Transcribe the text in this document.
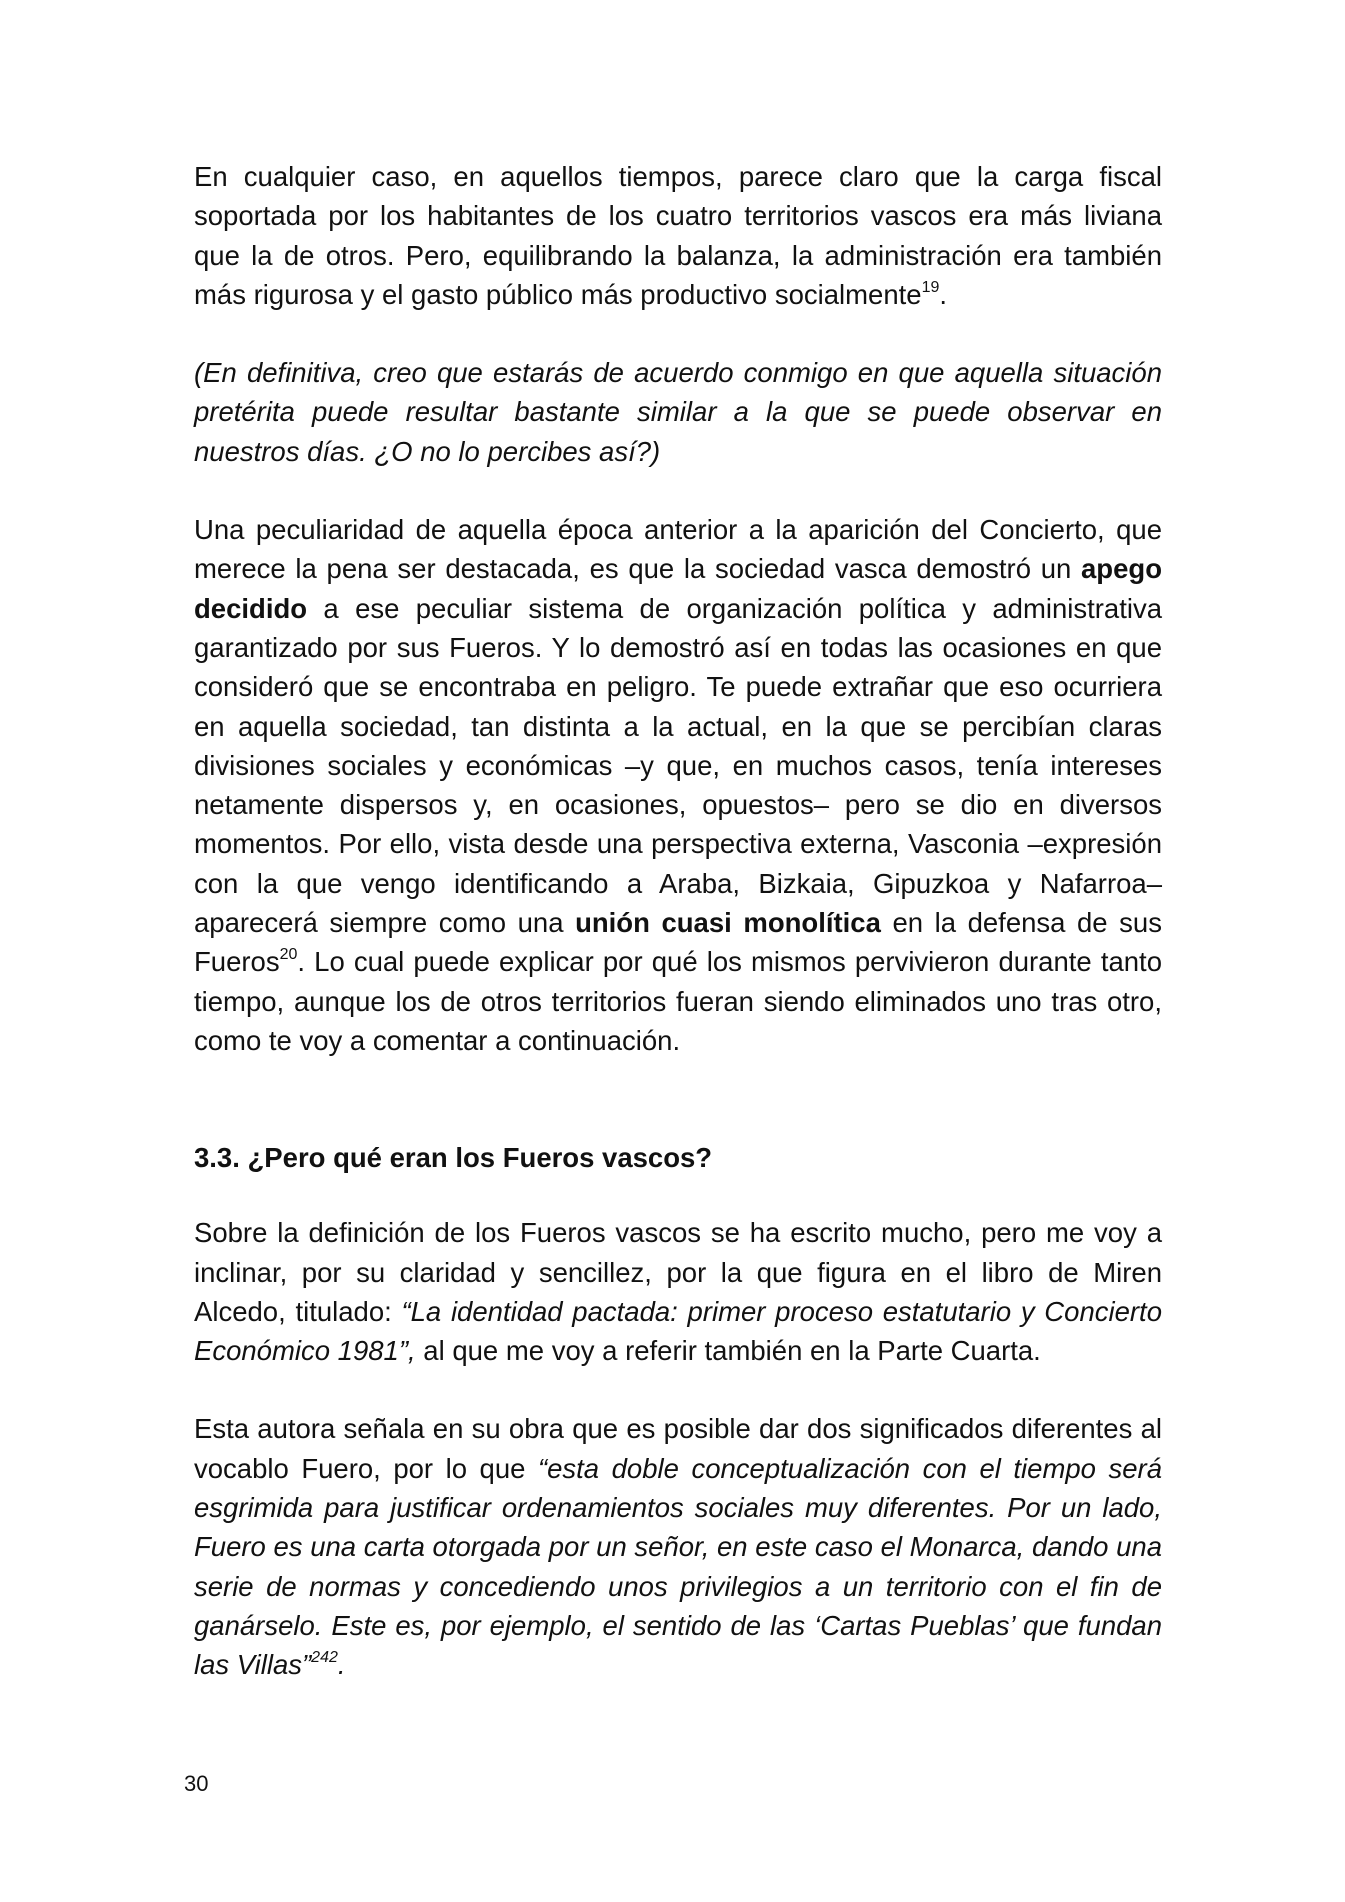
En cualquier caso, en aquellos tiempos, parece claro que la carga fiscal soportada por los habitantes de los cuatro territorios vascos era más liviana que la de otros. Pero, equilibrando la balanza, la administración era también más rigurosa y el gasto público más productivo socialmente$^{19}$.

(En definitiva, creo que estarás de acuerdo conmigo en que aquella situación pretérita puede resultar bastante similar a la que se puede observar en nuestros días. ¿O no lo percibes así?)

Una peculiaridad de aquella época anterior a la aparición del Concierto, que merece la pena ser destacada, es que la sociedad vasca demostró un apego decidido a ese peculiar sistema de organización política y administrativa garantizado por sus Fueros. Y lo demostró así en todas las ocasiones en que consideró que se encontraba en peligro. Te puede extrañar que eso ocurriera en aquella sociedad, tan distinta a la actual, en la que se percibían claras divisiones sociales y económicas –y que, en muchos casos, tenía intereses netamente dispersos y, en ocasiones, opuestos– pero se dio en diversos momentos. Por ello, vista desde una perspectiva externa, Vasconia –expresión con la que vengo identificando a Araba, Bizkaia, Gipuzkoa y Nafarroa– aparecerá siempre como una unión cuasi monolítica en la defensa de sus Fueros$^{20}$. Lo cual puede explicar por qué los mismos pervivieron durante tanto tiempo, aunque los de otros territorios fueran siendo eliminados uno tras otro, como te voy a comentar a continuación.

3.3. ¿Pero qué eran los Fueros vascos?

Sobre la definición de los Fueros vascos se ha escrito mucho, pero me voy a inclinar, por su claridad y sencillez, por la que figura en el libro de Miren Alcedo, titulado: “La identidad pactada: primer proceso estatutario y Concierto Económico 1981”, al que me voy a referir también en la Parte Cuarta.

Esta autora señala en su obra que es posible dar dos significados diferentes al vocablo Fuero, por lo que “esta doble conceptualización con el tiempo será esgrimida para justificar ordenamientos sociales muy diferentes. Por un lado, Fuero es una carta otorgada por un señor, en este caso el Monarca, dando una serie de normas y concediendo unos privilegios a un territorio con el fin de ganárselo. Este es, por ejemplo, el sentido de las ‘Cartas Pueblas’ que fundan las Villas”$^{242}$.

30
